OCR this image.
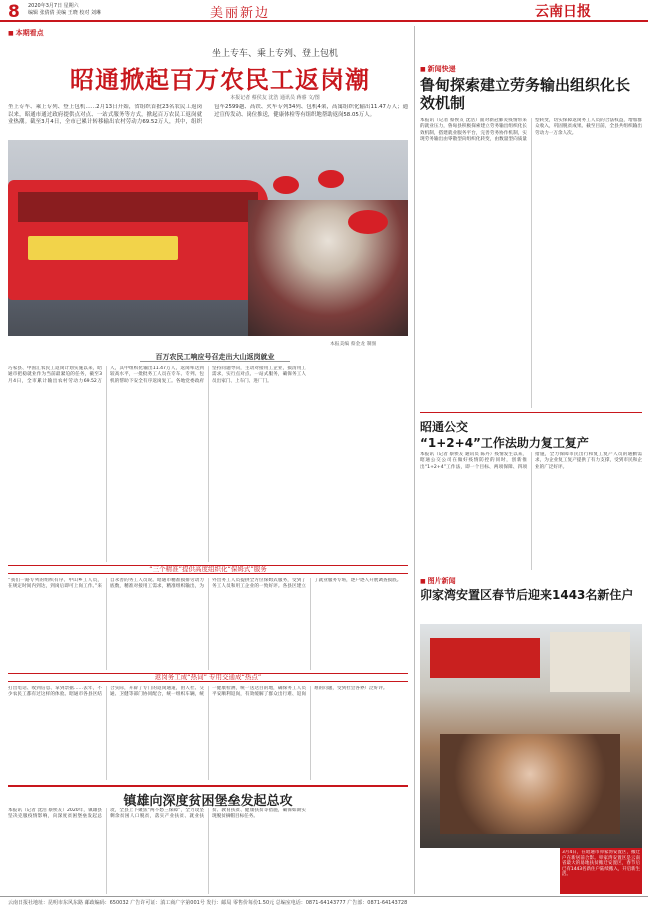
8 2020年3月7日 星期六
编辑 张倩倩 美编 王晓 校对 刘琳	美丽新边	云南日报
■ 本期看点
坐上专车、乘上专列、登上包机
昭通掀起百万农民工返岗潮
本报记者 蔡侯友 沈浩 通讯员 蒋睿 文/图
坐上专车、乘上专列、登上包机……2月13日开始，省组织首批23名农民工返岗以来，昭通市通过政府提供点对点、一站式服务等方式，掀起百万农民工返岗就业热潮。截至3月4日，全市已累计转移输出农村劳动力69.52万人，其中，组织包车2599趟、高铁、火车专列34列、包机4架，高寓组织化输出11.47万人；通过宣传发动、岗位推送，健康体检等有组织地帮助返岗58.05万人。
本报美编 蔡金龙 制图
百万农民工响应号召走出大山返岗就业
巧家县、中国汇农民工返岗计划实施以来，昭通市把稳就业作为当前最紧迫的任务，截至3月4日，全市累计输出农村劳动力69.52万人，其中组织化输出11.47万人，返岗率达到较高水平，一批批务工人员在专车、专列、包机的帮助下安全有序返岗复工。各地党委政府坚持问题导向，主动对接用工企业，摸清用工需求，实行点对点、一站式服务，确保务工人员出家门、上车门、进厂门。
“三个精准”提供高度组织化“保姆式”服务
“我们一路专列的组织有序、中山乡工人员，在规定时间内到达，到岗后即可上岗工作。”来自永善的务工人员说。昭通市精准摸排劳动力底数，精准对接用工需求，精准组织输出，为外出务工人员提供全方位保姆式服务，受到了务工人员和用工企业的一致好评。各县区建立了就业服务专班，逐户逐人开展调查摸底。
返岗务工成“热词” 专用交通成“热点”
打出电话、收到信息、拿到票据……去年，不少农民工都有过这样的体验。昭通市各县区结合实际，开辟了专门的返岗通道，由人社、交通、卫健等部门协同配合，统一组织车辆，统一健康检测，统一送达目的地，确保务工人员平安顺利返岗，有效缓解了群众出行难、返岗难的问题，受到社会各界广泛好评。
镇雄向深度贫困堡垒发起总攻
本报讯（记者 沈浩 蔡侯友）2020年，镇雄县坚决克服疫情影响，向深度贫困堡垒发起总攻，全县上下聚焦“两不愁三保障”，全力攻坚剩余贫困人口脱贫，落实产业扶贫、就业扶贫、教育扶贫、健康扶贫等措施，确保如期实现脱贫摘帽目标任务。
■ 新闻快递
鲁甸探索建立劳务输出组织化长效机制
本报讯（记者 蔡侯友 沈浩）面对新冠肺炎疫情带来的就业压力，鲁甸县积极探索建立劳务输出组织化长效机制，搭建就业服务平台，完善劳务协作机制，实现劳务输出由零散型向组织化转变，由数量型向质量型转变，切实保障返岗务工人员的合法权益，增加群众收入，巩固脱贫成果。截至目前，全县共组织输出劳动力一万余人次。
昭通公交
“1+2+4”工作法助力复工复产
本报讯（记者 蔡侯友 通讯员 陈丹）疫情发生以来，昭通公交公司在做好疫情防控的同时，创新推出“1+2+4”工作法，即一个目标、两项保障、四项措施，全力保障市民出行和复工复产人员的通勤需求，为企业复工复产提供了有力支撑，受到市民和企业的广泛好评。
■ 图片新闻
卯家湾安置区春节后迎来1443名新住户
3月4日，在昭通市卯家湾安置区，搬迁户在新居前合影。卯家湾安置区是云南省最大的易地扶贫搬迁安置区，春节后已有1443名新住户陆续搬入，开启新生活。
云南日报社地址：昆明市东风东路 邮政编码：650032 广告许可证：滇工商广字第001号 发行：邮局 零售价每份1.50元 总编室电话：0871-64143777 广告部：0871-64143728
